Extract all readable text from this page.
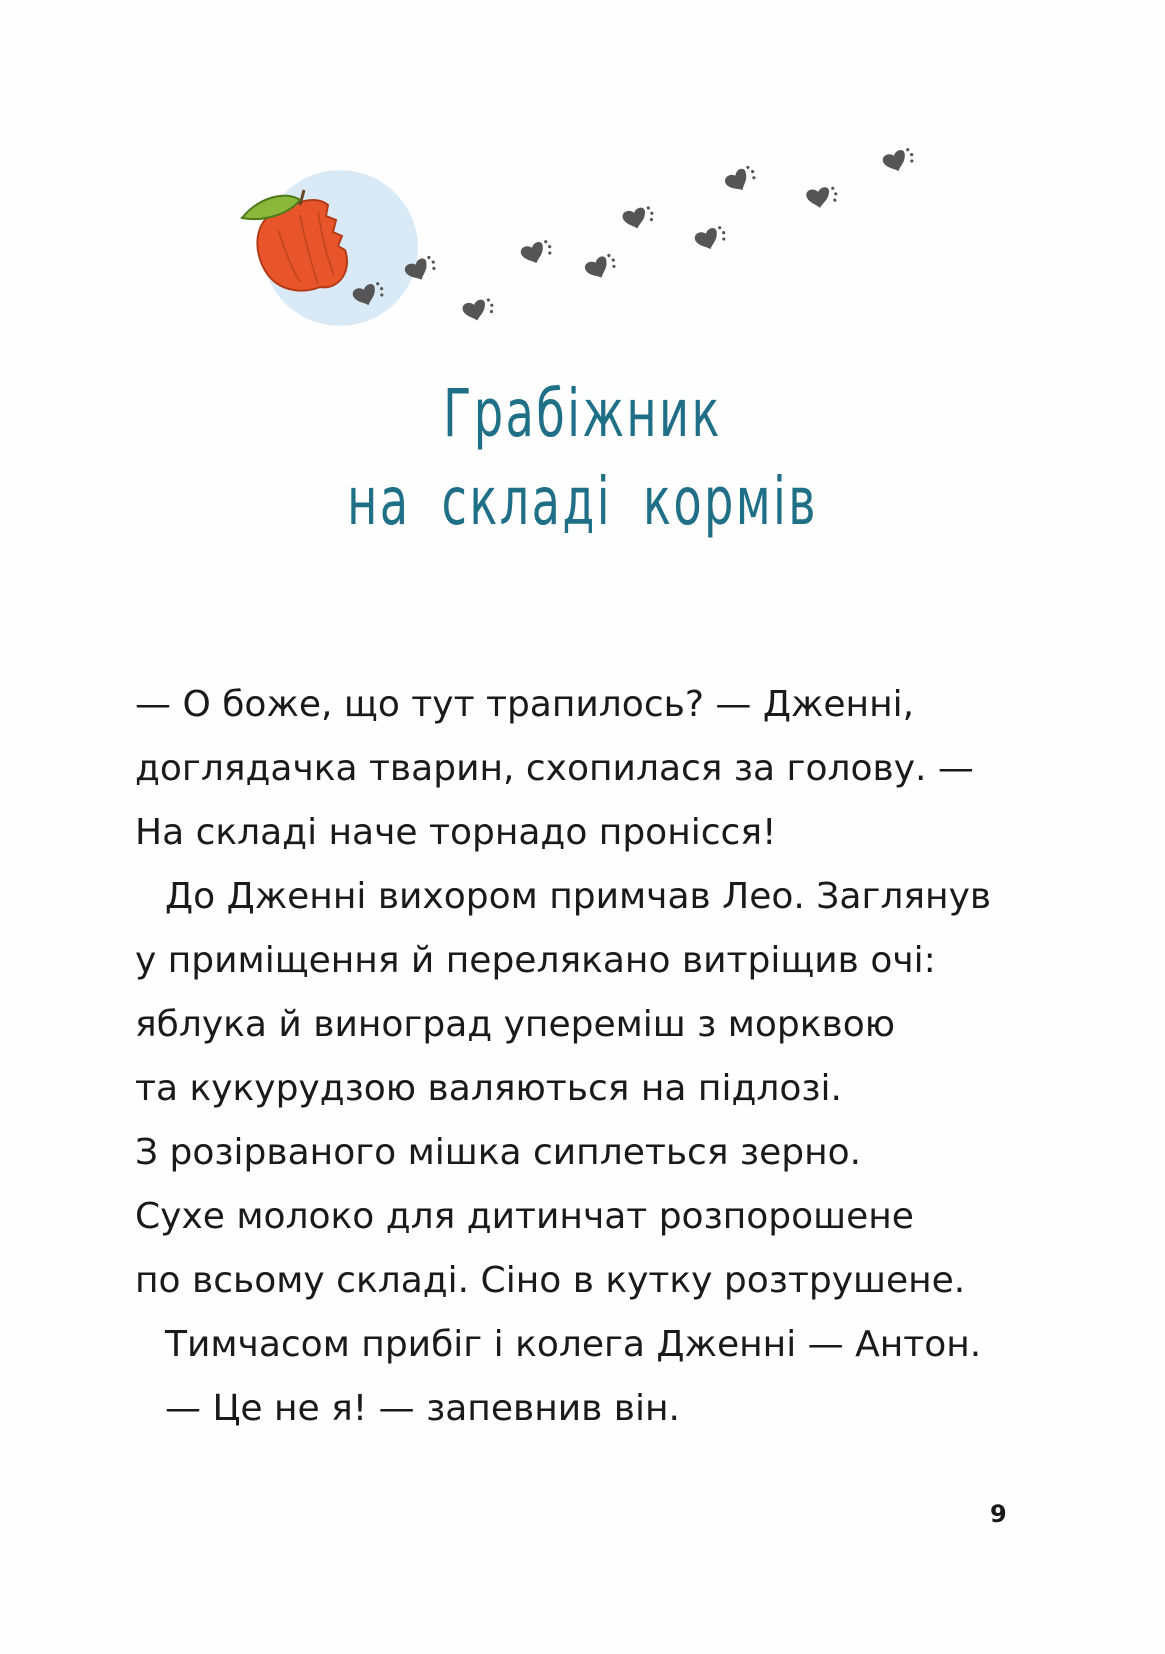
Грабіжник
на складі кормів

— О боже, що тут трапилось? — Дженні,

доглядачка тварин, схопилася за голову. —

На складі наче торнадо пронісся!

До Дженні вихором примчав Лео. Заглянув

у приміщення й перелякано витріщив очі:

яблука й виноград упереміш з морквою

та кукурудзою валяються на підлозі.

З розірваного мішка сиплеться зерно.

Сухе молоко для дитинчат розпорошене

по всьому складі. Сіно в кутку розтрушене.

Тимчасом прибіг і колега Дженні — Антон.

— Це не я! — запевнив він.

9
